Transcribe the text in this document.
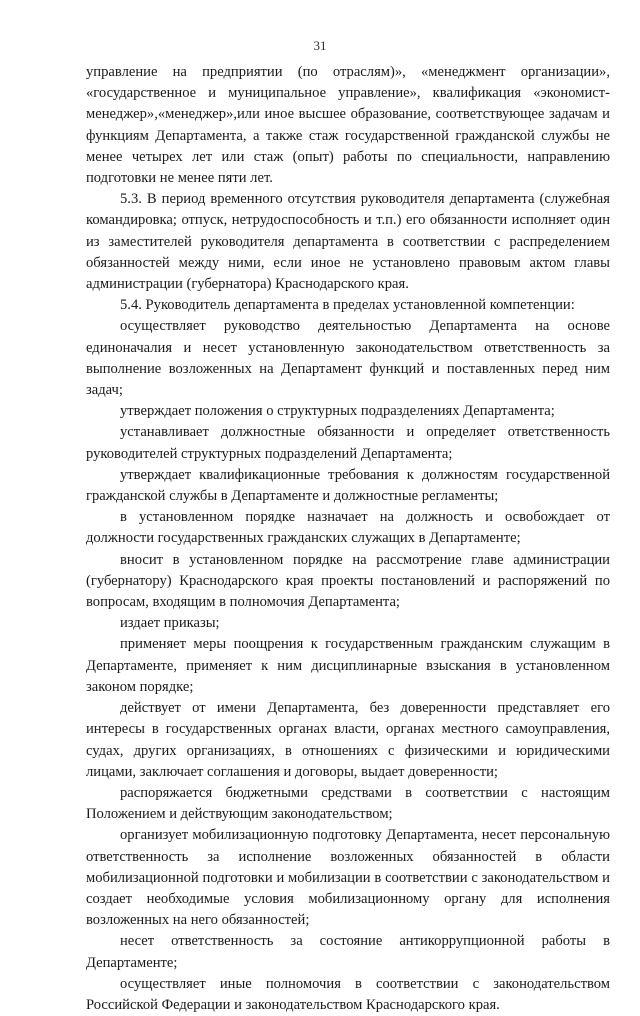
31

управление на предприятии (по отраслям)», «менеджмент организации», «государственное и муниципальное управление», квалификация «экономист-менеджер»,«менеджер»,или иное высшее образование, соответствующее задачам и функциям Департамента, а также стаж государственной гражданской службы не менее четырех лет или стаж (опыт) работы по специальности, направлению подготовки не менее пяти лет.

5.3. В период временного отсутствия руководителя департамента (служебная командировка; отпуск, нетрудоспособность и т.п.) его обязанности исполняет один из заместителей руководителя департамента в соответствии с распределением обязанностей между ними, если иное не установлено правовым актом главы администрации (губернатора) Краснодарского края.

5.4. Руководитель департамента в пределах установленной компетенции:

осуществляет руководство деятельностью Департамента на основе единоначалия и несет установленную законодательством ответственность за выполнение возложенных на Департамент функций и поставленных перед ним задач;

утверждает положения о структурных подразделениях Департамента;

устанавливает должностные обязанности и определяет ответственность руководителей структурных подразделений Департамента;

утверждает квалификационные требования к должностям государственной гражданской службы в Департаменте и должностные регламенты;

в установленном порядке назначает на должность и освобождает от должности государственных гражданских служащих в Департаменте;

вносит в установленном порядке на рассмотрение главе администрации (губернатору) Краснодарского края проекты постановлений и распоряжений по вопросам, входящим в полномочия Департамента;

издает приказы;

применяет меры поощрения к государственным гражданским служащим в Департаменте, применяет к ним дисциплинарные взыскания в установленном законом порядке;

действует от имени Департамента, без доверенности представляет его интересы в государственных органах власти, органах местного самоуправления, судах, других организациях, в отношениях с физическими и юридическими лицами, заключает соглашения и договоры, выдает доверенности;

распоряжается бюджетными средствами в соответствии с настоящим Положением и действующим законодательством;

организует мобилизационную подготовку Департамента, несет персональную ответственность за исполнение возложенных обязанностей в области мобилизационной подготовки и мобилизации в соответствии с законодательством и создает необходимые условия мобилизационному органу для исполнения возложенных на него обязанностей;

несет ответственность за состояние антикоррупционной работы в Департаменте;

осуществляет иные полномочия в соответствии с законодательством Российской Федерации и законодательством Краснодарского края.
